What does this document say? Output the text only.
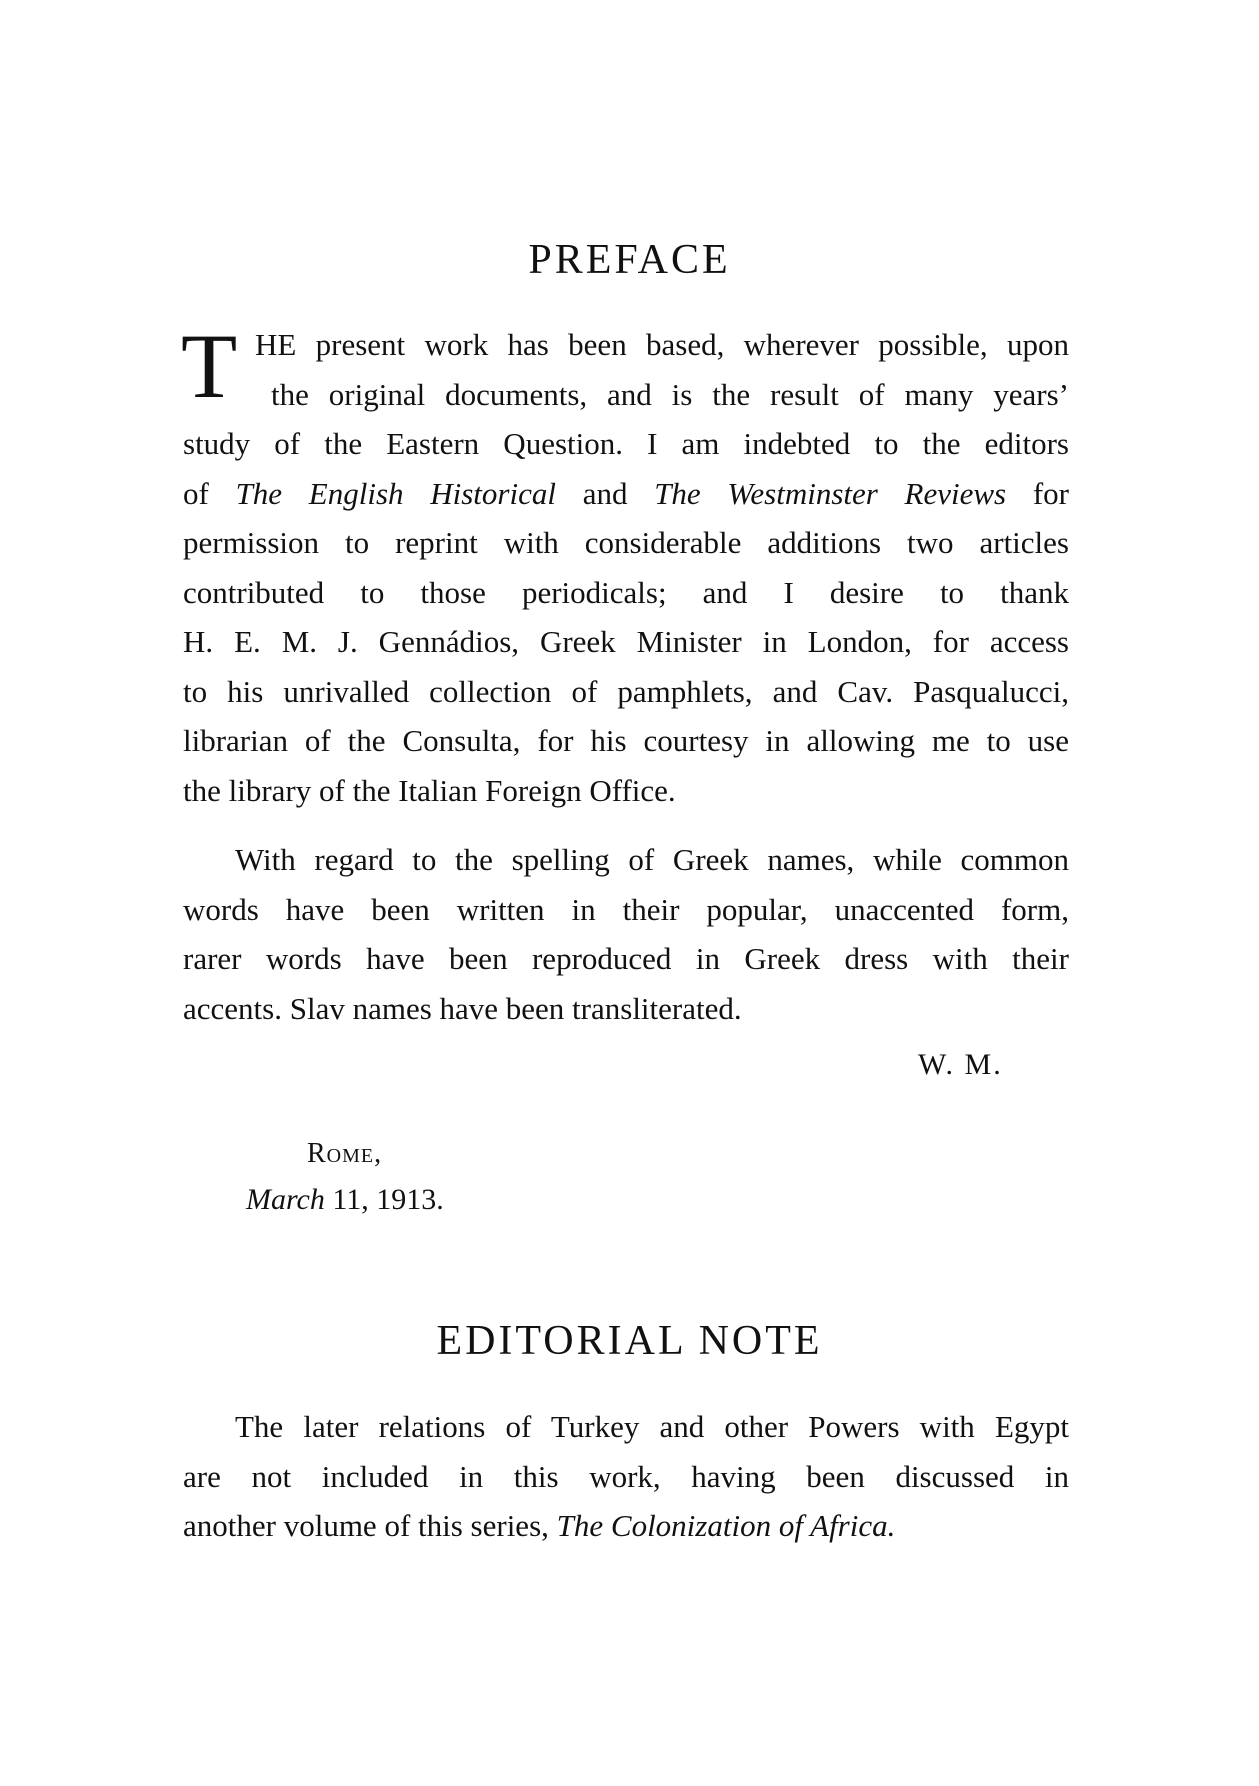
PREFACE
T HE present work has been based, wherever possible, upon
the original documents, and is the result of many years’
study of the Eastern Question. I am indebted to the editors
of The English Historical and The Westminster Reviews for
permission to reprint with considerable additions two articles
contributed to those periodicals; and I desire to thank
H. E. M. J. Gennádios, Greek Minister in London, for access
to his unrivalled collection of pamphlets, and Cav. Pasqualucci,
librarian of the Consulta, for his courtesy in allowing me to use
the library of the Italian Foreign Office.
With regard to the spelling of Greek names, while common
words have been written in their popular, unaccented form,
rarer words have been reproduced in Greek dress with their
accents. Slav names have been transliterated.
W. M.
Rome,
March 11, 1913.
EDITORIAL NOTE
The later relations of Turkey and other Powers with Egypt
are not included in this work, having been discussed in
another volume of this series, The Colonization of Africa.
